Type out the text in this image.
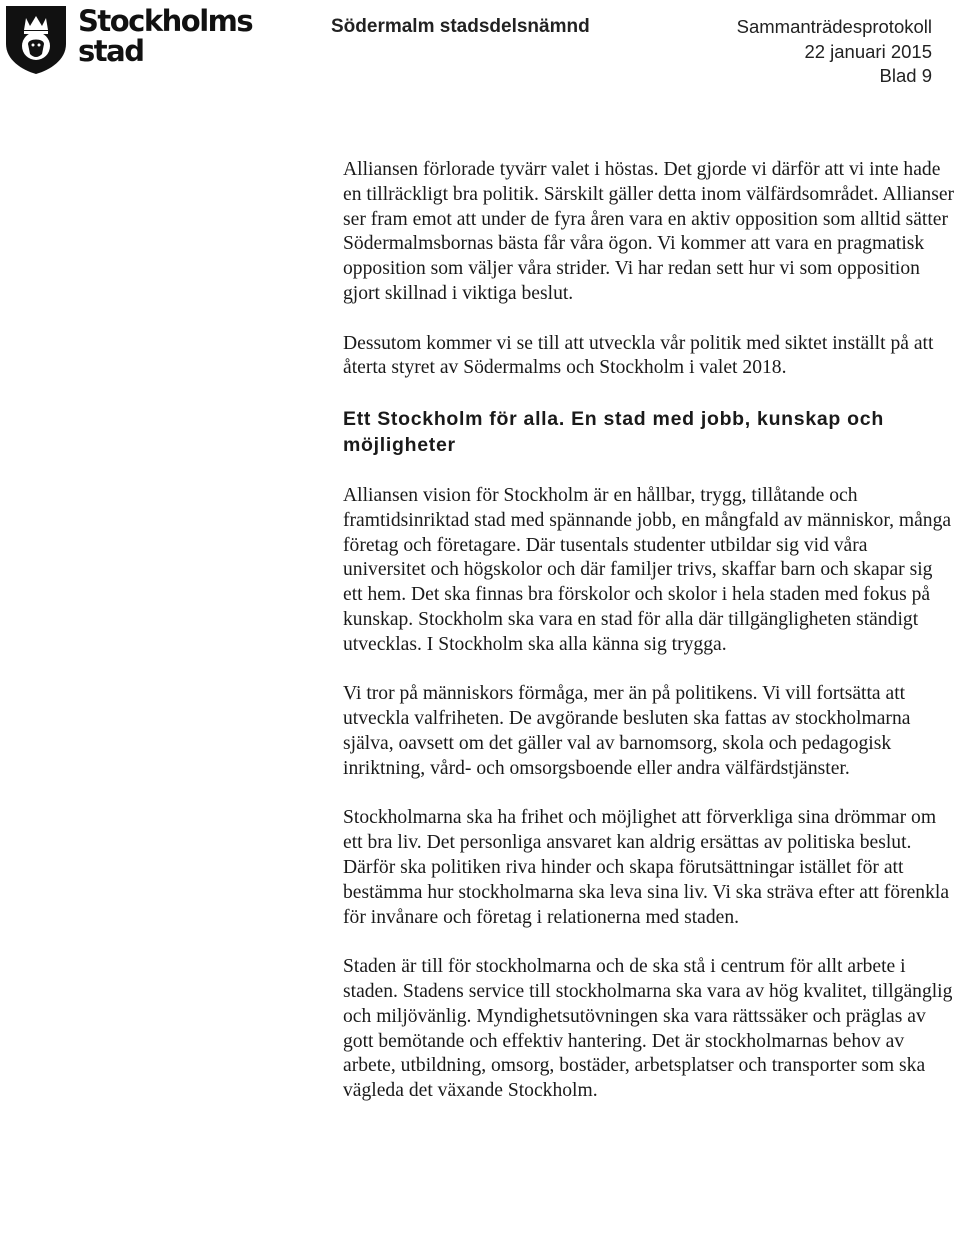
Stockholms
stad
Södermalm stadsdelsnämnd	Sammanträdesprotokoll
22 januari 2015
Blad 9

Alliansen förlorade tyvärr valet i höstas. Det gjorde vi därför att vi inte hade en tillräckligt bra politik. Särskilt gäller detta inom välfärdsområdet. Allianser ser fram emot att under de fyra åren vara en aktiv opposition som alltid sätter Södermalmsbornas bästa får våra ögon. Vi kommer att vara en pragmatisk opposition som väljer våra strider. Vi har redan sett hur vi som opposition gjort skillnad i viktiga beslut.

Dessutom kommer vi se till att utveckla vår politik med siktet inställt på att återta styret av Södermalms och Stockholm i valet 2018.

Ett Stockholm för alla. En stad med jobb, kunskap och möjligheter

Alliansen vision för Stockholm är en hållbar, trygg, tillåtande och framtidsinriktad stad med spännande jobb, en mångfald av människor, många företag och företagare. Där tusentals studenter utbildar sig vid våra universitet och högskolor och där familjer trivs, skaffar barn och skapar sig ett hem. Det ska finnas bra förskolor och skolor i hela staden med fokus på kunskap. Stockholm ska vara en stad för alla där tillgängligheten ständigt utvecklas. I Stockholm ska alla känna sig trygga.

Vi tror på människors förmåga, mer än på politikens. Vi vill fortsätta att utveckla valfriheten. De avgörande besluten ska fattas av stockholmarna själva, oavsett om det gäller val av barnomsorg, skola och pedagogisk inriktning, vård- och omsorgsboende eller andra välfärdstjänster.

Stockholmarna ska ha frihet och möjlighet att förverkliga sina drömmar om ett bra liv. Det personliga ansvaret kan aldrig ersättas av politiska beslut. Därför ska politiken riva hinder och skapa förutsättningar istället för att bestämma hur stockholmarna ska leva sina liv. Vi ska sträva efter att förenkla för invånare och företag i relationerna med staden.

Staden är till för stockholmarna och de ska stå i centrum för allt arbete i staden. Stadens service till stockholmarna ska vara av hög kvalitet, tillgänglig och miljövänlig. Myndighetsutövningen ska vara rättssäker och präglas av gott bemötande och effektiv hantering. Det är stockholmarnas behov av arbete, utbildning, omsorg, bostäder, arbetsplatser och transporter som ska vägleda det växande Stockholm.
